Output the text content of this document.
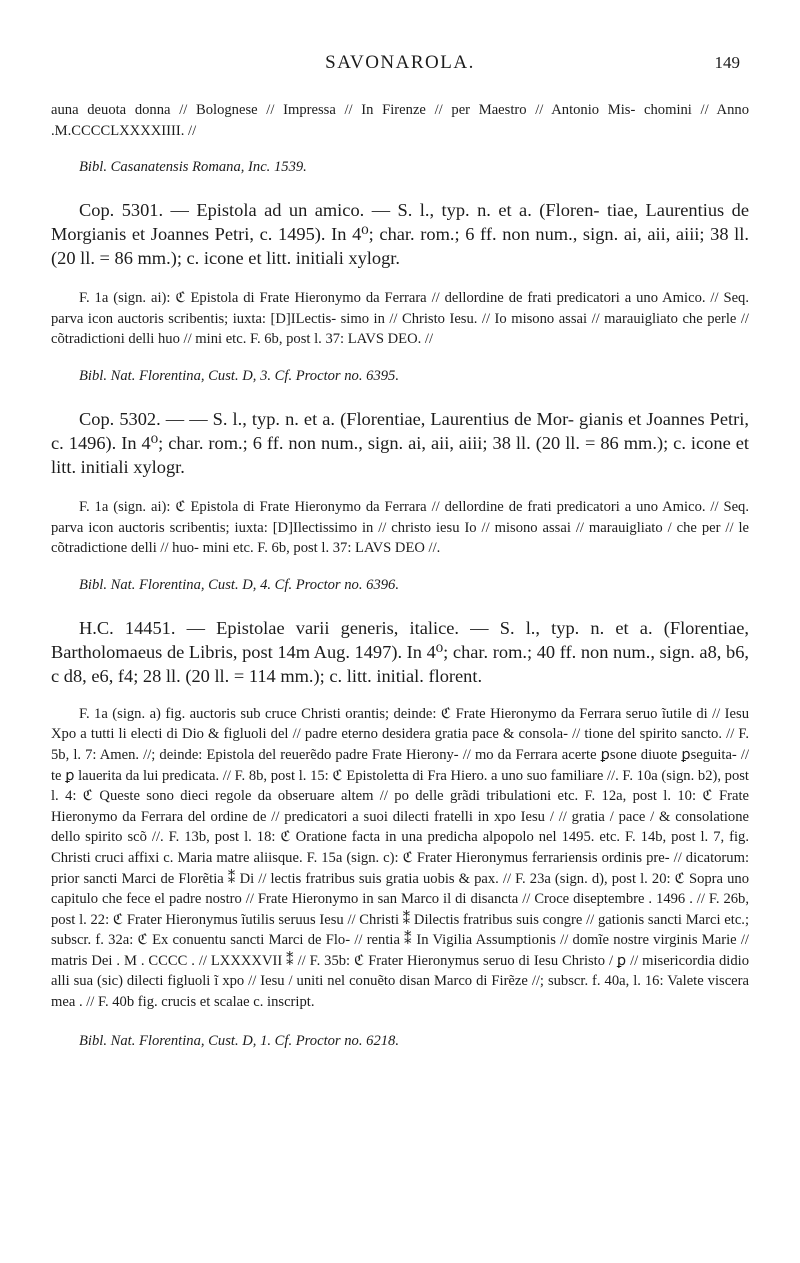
SAVONAROLA.	149

auna deuota donna // Bolognese // Impressa // In Firenze // per Maestro // Antonio Mis- chomini // Anno .M.CCCCLXXXXIIII. //

Bibl. Casanatensis Romana, Inc. 1539.

Cop. 5301. — Epistola ad un amico. — S. l., typ. n. et a. (Floren- tiae, Laurentius de Morgianis et Joannes Petri, c. 1495). In 4⁰; char. rom.; 6 ff. non num., sign. ai, aii, aiii; 38 ll. (20 ll. = 86 mm.); c. icone et litt. initiali xylogr.

F. 1a (sign. ai): ℭ Epistola di Frate Hieronymo da Ferrara // dellordine de frati predicatori a uno Amico. // Seq. parva icon auctoris scribentis; iuxta: [D]ILectis- simo in // Christo Iesu. // Io misono assai // marauigliato che perle // cõtradictioni delli huo // mini etc. F. 6b, post l. 37: LAVS DEO. //

Bibl. Nat. Florentina, Cust. D, 3. Cf. Proctor no. 6395.

Cop. 5302. — — S. l., typ. n. et a. (Florentiae, Laurentius de Mor- gianis et Joannes Petri, c. 1496). In 4⁰; char. rom.; 6 ff. non num., sign. ai, aii, aiii; 38 ll. (20 ll. = 86 mm.); c. icone et litt. initiali xylogr.

F. 1a (sign. ai): ℭ Epistola di Frate Hieronymo da Ferrara // dellordine de frati predicatori a uno Amico. // Seq. parva icon auctoris scribentis; iuxta: [D]Ilectissimo in // christo iesu Io // misono assai // marauigliato / che per // le cõtradictione delli // huo- mini etc. F. 6b, post l. 37: LAVS DEO //.

Bibl. Nat. Florentina, Cust. D, 4. Cf. Proctor no. 6396.

H.C. 14451. — Epistolae varii generis, italice. — S. l., typ. n. et a. (Florentiae, Bartholomaeus de Libris, post 14m Aug. 1497). In 4⁰; char. rom.; 40 ff. non num., sign. a8, b6, c d8, e6, f4; 28 ll. (20 ll. = 114 mm.); c. litt. initial. florent.

F. 1a (sign. a) fig. auctoris sub cruce Christi orantis; deinde: ℭ Frate Hieronymo da Ferrara seruo ĩutile di // Iesu Xpo a tutti li electi di Dio & figluoli del // padre eterno desidera gratia pace & consola- // tione del spirito sancto. // F. 5b, l. 7: Amen. //; deinde: Epistola del reuerẽdo padre Frate Hierony- // mo da Ferrara acerte ꝑsone diuote ꝑseguita- // te ꝑ lauerita da lui predicata. // F. 8b, post l. 15: ℭ Epistoletta di Fra Hiero. a uno suo familiare //. F. 10a (sign. b2), post l. 4: ℭ Queste sono dieci regole da obseruare altem // po delle grãdi tribulationi etc. F. 12a, post l. 10: ℭ Frate Hieronymo da Ferrara del ordine de // predicatori a suoi dilecti fratelli in xpo Iesu / // gratia / pace / & consolatione dello spirito scõ //. F. 13b, post l. 18: ℭ Oratione facta in una predicha alpopolo nel 1495. etc. F. 14b, post l. 7, fig. Christi cruci affixi c. Maria matre aliisque. F. 15a (sign. c): ℭ Frater Hieronymus ferrariensis ordinis pre- // dicatorum: prior sancti Marci de Florẽtia ⁑ Di // lectis fratribus suis gratia uobis & pax. // F. 23a (sign. d), post l. 20: ℭ Sopra uno capitulo che fece el padre nostro // Frate Hieronymo in san Marco il di disancta // Croce diseptembre . 1496 . // F. 26b, post l. 22: ℭ Frater Hieronymus ĩutilis seruus Iesu // Christi ⁑ Dilectis fratribus suis congre // gationis sancti Marci etc.; subscr. f. 32a: ℭ Ex conuentu sancti Marci de Flo- // rentia ⁑ In Vigilia Assumptionis // domĩe nostre virginis Marie // matris Dei . M . CCCC . // LXXXXVII ⁑ // F. 35b: ℭ Frater Hieronymus seruo di Iesu Christo / ꝑ // misericordia didio alli sua (sic) dilecti figluoli ĩ xpo // Iesu / uniti nel conuẽto disan Marco di Firẽze //; subscr. f. 40a, l. 16: Valete viscera mea . // F. 40b fig. crucis et scalae c. inscript.

Bibl. Nat. Florentina, Cust. D, 1. Cf. Proctor no. 6218.
